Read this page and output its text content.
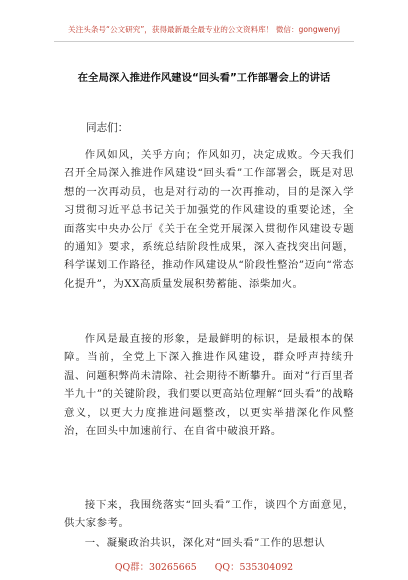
关注头条号“公文研究”，获得最新最全最专业的公文资料库！ 微信：gongwenyj
在全局深入推进作风建设“回头看”工作部署会上的讲话
同志们：

作风如风，关乎方向；作风如刃，决定成败。今天我们召开全局深入推进作风建设“回头看”工作部署会，既是对思想的一次再动员，也是对行动的一次再推动，目的是深入学习贯彻习近平总书记关于加强党的作风建设的重要论述，全面落实中央办公厅《关于在全党开展深入贯彻作风建设专题的通知》要求，系统总结阶段性成果，深入查找突出问题，科学谋划工作路径，推动作风建设从“阶段性整治”迈向“常态化提升”，为XX高质量发展积势蓄能、添柴加火。

作风是最直接的形象，是最鲜明的标识，是最根本的保障。当前，全党上下深入推进作风建设，群众呼声持续升温、问题积弊尚未清除、社会期待不断攀升。面对“行百里者半九十”的关键阶段，我们要以更高站位理解“回头看”的战略意义，以更大力度推进问题整改，以更实举措深化作风整治，在回头中加速前行、在自省中破浪开路。

接下来，我围绕落实“回头看”工作，谈四个方面意见，供大家参考。

一、凝聚政治共识，深化对“回头看”工作的思想认

QQ群：30265665 QQ：535304092
